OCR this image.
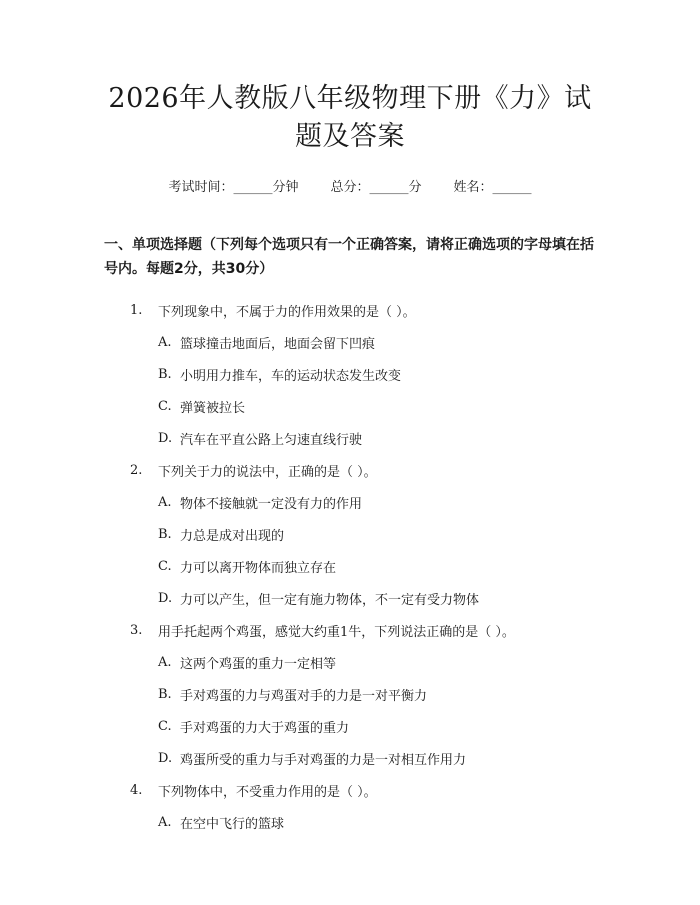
2026年人教版八年级物理下册《力》试题及答案
考试时间：______分钟 总分：______分 姓名：______
一、单项选择题（下列每个选项只有一个正确答案，请将正确选项的字母填在括号内。每题2分，共30分）
1.	下列现象中，不属于力的作用效果的是（ ）。
A. 篮球撞击地面后，地面会留下凹痕
B. 小明用力推车，车的运动状态发生改变
C. 弹簧被拉长
D. 汽车在平直公路上匀速直线行驶
2.	下列关于力的说法中，正确的是（ ）。
A. 物体不接触就一定没有力的作用
B. 力总是成对出现的
C. 力可以离开物体而独立存在
D. 力可以产生，但一定有施力物体，不一定有受力物体
3.	用手托起两个鸡蛋，感觉大约重1牛，下列说法正确的是（ ）。
A. 这两个鸡蛋的重力一定相等
B. 手对鸡蛋的力与鸡蛋对手的力是一对平衡力
C. 手对鸡蛋的力大于鸡蛋的重力
D. 鸡蛋所受的重力与手对鸡蛋的力是一对相互作用力
4.	下列物体中，不受重力作用的是（ ）。
A. 在空中飞行的篮球
